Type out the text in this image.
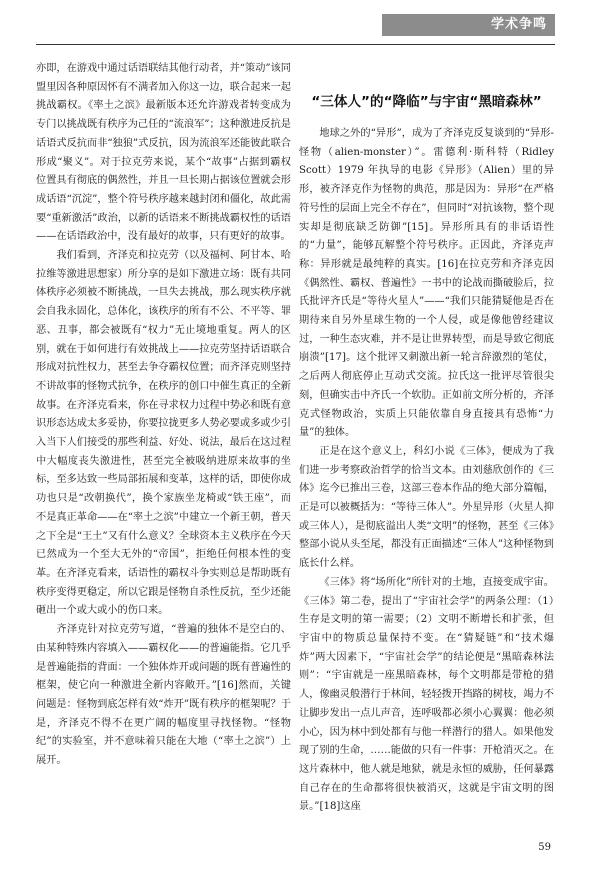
学术争鸣

亦即，在游戏中通过话语联结其他行动者，并“策动”该同盟里因各种原因怀有不满者加入你这一边，联合起来一起挑战霸权。《率土之滨》最新版本还允许游戏者转变成为专门以挑战既有秩序为己任的“流浪军”；这种激进反抗是话语式反抗而非“独狼”式反抗，因为流浪军还能彼此联合形成“聚义”。对于拉克劳来说，某个“故事”占据到霸权位置具有彻底的偶然性，并且一旦长期占据该位置就会形成话语“沉淀”，整个符号秩序越来越封闭和僵化，故此需要“重新激活”政治，以新的话语来不断挑战霸权性的话语——在话语政治中，没有最好的故事，只有更好的故事。

我们看到，齐泽克和拉克劳（以及福柯、阿甘本、哈拉维等激进思想家）所分享的是如下激进立场：既有共同体秩序必须被不断挑战，一旦失去挑战，那么现实秩序就会自我永固化，总体化，该秩序的所有不公、不平等、罪恶、丑事，都会被既有“权力”无止境地重复。两人的区别，就在于如何进行有效挑战上——拉克劳坚持话语联合形成对抗性权力，甚至去争夺霸权位置；而齐泽克则坚持不讲故事的怪物式抗争，在秩序的创口中催生真正的全新故事。在齐泽克看来，你在寻求权力过程中势必和既有意识形态达成太多妥协，你要拉拢更多人势必要或多或少引入当下人们接受的那些利益、好处、说法，最后在这过程中大幅度丧失激进性，甚至完全被吸纳进原来故事的坐标，至多达致一些局部拓展和变革，这样的话，即使你成功也只是“改朝换代”，换个家族坐龙椅或“铁王座”，而不是真正革命——在“率土之滨”中建立一个新王朝，普天之下全是“王土”又有什么意义？全球资本主义秩序在今天已然成为一个至大无外的“帝国”，拒绝任何根本性的变革。在齐泽克看来，话语性的霸权斗争实则总是帮助既有秩序变得更稳定，所以它跟是怪物自杀性反抗，至少还能砸出一个或大或小的伤口来。

齐泽克针对拉克劳写道，“普遍的独体不是空白的、由某种特殊内容填入——霸权化——的普遍能指。它几乎是普遍能指的背面：一个独体炸开或问题的既有普遍性的框架，使它向一种激进全新内容敞开。”[16]然而，关键问题是：怪物到底怎样有效“炸开”既有秩序的框架呢？于是，齐泽克不得不在更广阔的幅度里寻找怪物。“怪物纪”的实验室，并不意味着只能在大地（“率土之滨”）上展开。

“三体人”的“降临”与宇宙“黑暗森林”

地球之外的“异形”，成为了齐泽克反复谈到的“异形-怪物（alien-monster）”。雷德利·斯科特（Ridley Scott）1979 年执导的电影《异形》（Alien）里的异形，被齐泽克作为怪物的典范，那是因为：异形“在严格符号性的层面上完全不存在”，但同时“对抗该物，整个现实却是彻底缺乏防御”[15]。异形所具有的非话语性的“力量”，能够瓦解整个符号秩序。正因此，齐泽克声称：异形就是最纯粹的真实。[16]在拉克劳和齐泽克因《偶然性、霸权、普遍性》一书中的论战而撕破脸后，拉氏批评齐氏是“等待火星人”——“我们只能猜疑他是否在期待来自另外星球生物的一个人侵，或是像他曾经建议过，一种生态灾难，并不是让世界转型，而是导致它彻底崩溃”[17]。这个批评又刺激出新一轮言辞激烈的笔仗，之后两人彻底停止互动式交流。拉氏这一批评尽管很尖刻，但确实击中齐氏一个软肋。正如前文所分析的，齐泽克式怪物政治，实质上只能依靠自身直接具有恐怖“力量”的独体。

正是在这个意义上，科幻小说《三体》，便成为了我们进一步考察政治哲学的恰当文本。由刘慈欣创作的《三体》迄今已推出三卷，这部三卷本作品的绝大部分篇幅，正是可以被概括为：“等待三体人”。外星异形（火星人抑或三体人），是彻底溢出人类“文明”的怪物，甚至《三体》整部小说从头至尾，都没有正面描述“三体人”这种怪物到底长什么样。

《三体》将“场所化”所针对的土地，直接变成宇宙。《三体》第二卷，提出了“宇宙社会学”的两条公理：（1）生存是文明的第一需要；（2）文明不断增长和扩张，但宇宙中的物质总量保持不变。在“猜疑链”和“技术爆炸”两大因素下，“宇宙社会学”的结论便是“黑暗森林法则”：“宇宙就是一座黑暗森林，每个文明都是带枪的猎人，像幽灵般潜行于林间，轻轻拨开挡路的树枝，竭力不让脚步发出一点儿声音，连呼吸都必须小心翼翼：他必须小心，因为林中到处都有与他一样潜行的猎人。如果他发现了别的生命，……能做的只有一件事：开枪消灭之。在这片森林中，他人就是地狱，就是永恒的威胁，任何暴露自己存在的生命都将很快被消灭，这就是宇宙文明的图景。”[18]这座

59
